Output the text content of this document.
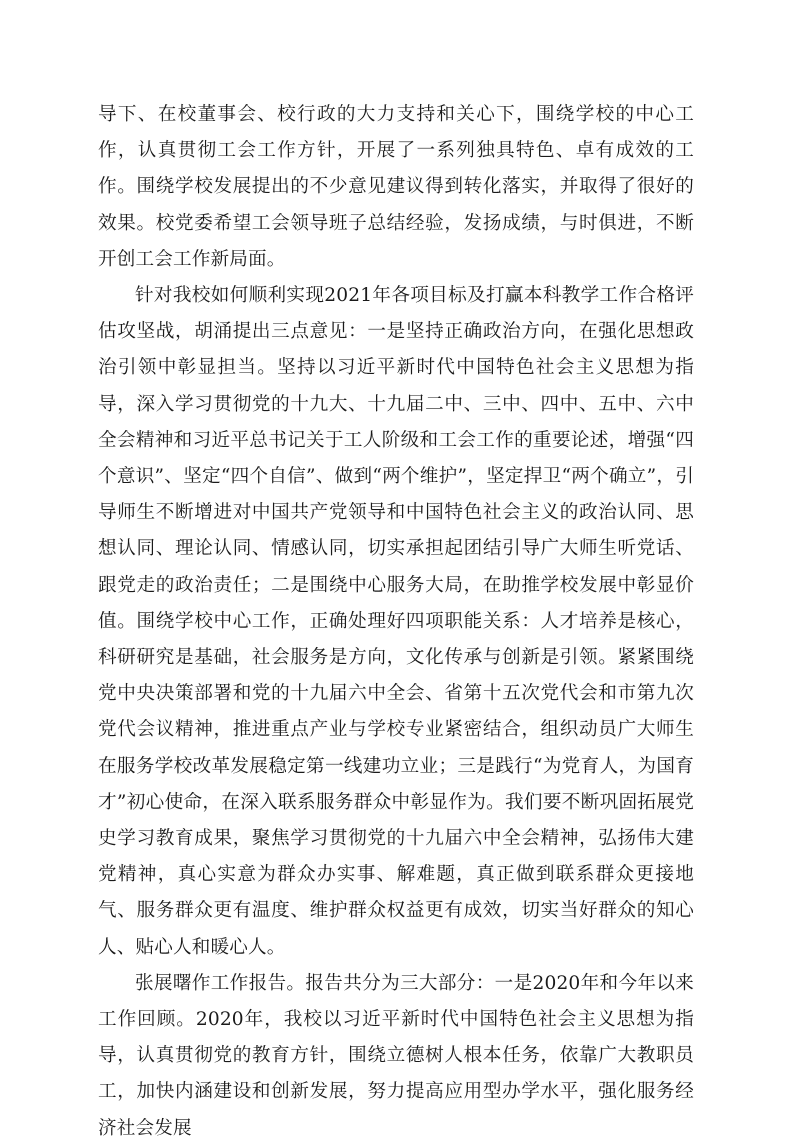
导下、在校董事会、校行政的大力支持和关心下，围绕学校的中心工作，认真贯彻工会工作方针，开展了一系列独具特色、卓有成效的工作。围绕学校发展提出的不少意见建议得到转化落实，并取得了很好的效果。校党委希望工会领导班子总结经验，发扬成绩，与时俱进，不断开创工会工作新局面。

针对我校如何顺利实现2021年各项目标及打赢本科教学工作合格评估攻坚战，胡涌提出三点意见：一是坚持正确政治方向，在强化思想政治引领中彰显担当。坚持以习近平新时代中国特色社会主义思想为指导，深入学习贯彻党的十九大、十九届二中、三中、四中、五中、六中全会精神和习近平总书记关于工人阶级和工会工作的重要论述，增强“四个意识”、坚定“四个自信”、做到“两个维护”，坚定捍卫“两个确立”，引导师生不断增进对中国共产党领导和中国特色社会主义的政治认同、思想认同、理论认同、情感认同，切实承担起团结引导广大师生听党话、跟党走的政治责任；二是围绕中心服务大局，在助推学校发展中彰显价值。围绕学校中心工作，正确处理好四项职能关系：人才培养是核心，科研研究是基础，社会服务是方向，文化传承与创新是引领。紧紧围绕党中央决策部署和党的十九届六中全会、省第十五次党代会和市第九次党代会议精神，推进重点产业与学校专业紧密结合，组织动员广大师生在服务学校改革发展稳定第一线建功立业；三是践行“为党育人，为国育才”初心使命，在深入联系服务群众中彰显作为。我们要不断巩固拓展党史学习教育成果，聚焦学习贯彻党的十九届六中全会精神，弘扬伟大建党精神，真心实意为群众办实事、解难题，真正做到联系群众更接地气、服务群众更有温度、维护群众权益更有成效，切实当好群众的知心人、贴心人和暖心人。

张展曙作工作报告。报告共分为三大部分：一是2020年和今年以来工作回顾。2020年，我校以习近平新时代中国特色社会主义思想为指导，认真贯彻党的教育方针，围绕立德树人根本任务，依靠广大教职员工，加快内涵建设和创新发展，努力提高应用型办学水平，强化服务经济社会发展
